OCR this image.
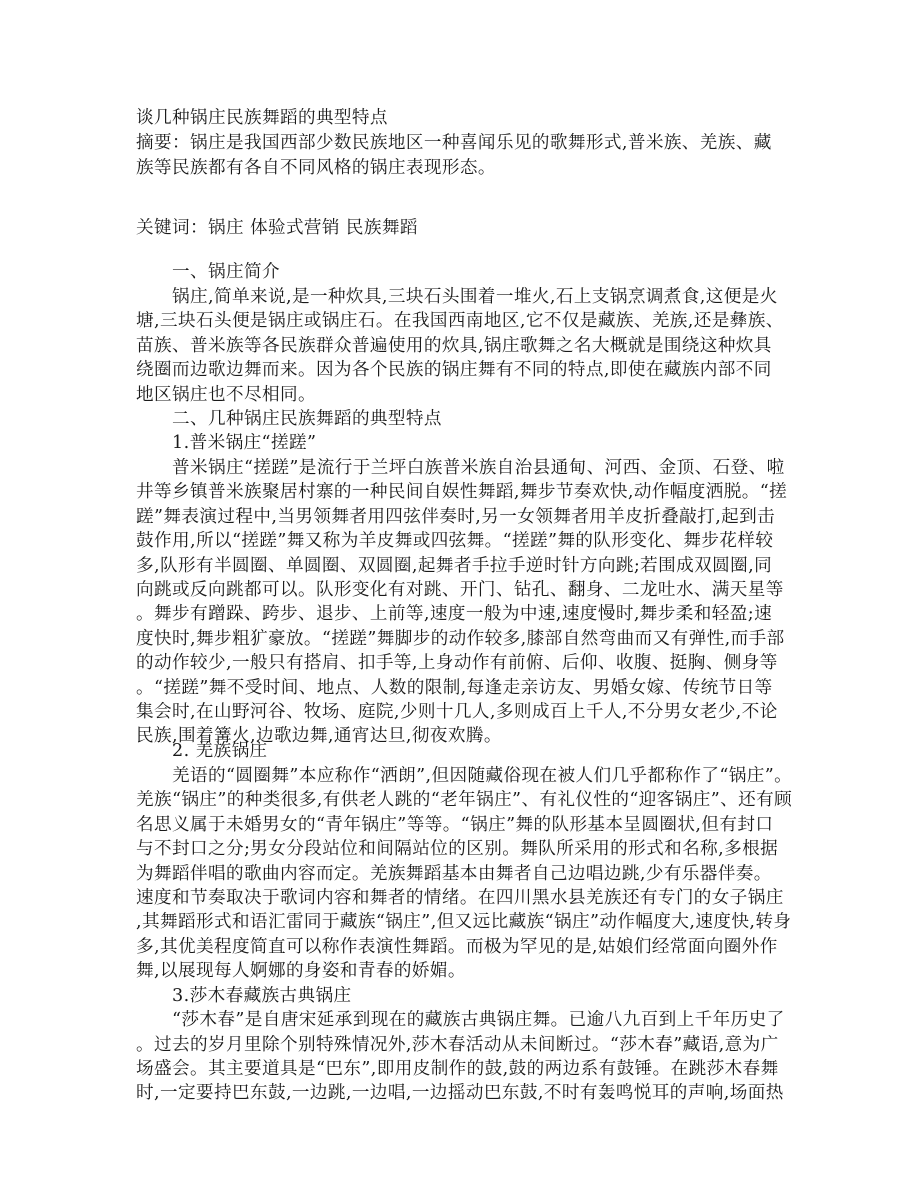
谈几种锅庄民族舞蹈的典型特点
摘要：锅庄是我国西部少数民族地区一种喜闻乐见的歌舞形式,普米族、羌族、藏
族等民族都有各自不同风格的锅庄表现形态。
关键词：锅庄 体验式营销 民族舞蹈
一、锅庄简介
锅庄,简单来说,是一种炊具,三块石头围着一堆火,石上支锅烹调煮食,这便是火
塘,三块石头便是锅庄或锅庄石。在我国西南地区,它不仅是藏族、羌族,还是彝族、
苗族、普米族等各民族群众普遍使用的炊具,锅庄歌舞之名大概就是围绕这种炊具
绕圈而边歌边舞而来。因为各个民族的锅庄舞有不同的特点,即使在藏族内部不同
地区锅庄也不尽相同。
二、几种锅庄民族舞蹈的典型特点
1.普米锅庄“搓蹉”
普米锅庄“搓蹉”是流行于兰坪白族普米族自治县通甸、河西、金顶、石登、啦
井等乡镇普米族聚居村寨的一种民间自娱性舞蹈,舞步节奏欢快,动作幅度洒脱。“搓
蹉”舞表演过程中,当男领舞者用四弦伴奏时,另一女领舞者用羊皮折叠敲打,起到击
鼓作用,所以“搓蹉”舞又称为羊皮舞或四弦舞。“搓蹉”舞的队形变化、舞步花样较
多,队形有半圆圈、单圆圈、双圆圈,起舞者手拉手逆时针方向跳;若围成双圆圈,同
向跳或反向跳都可以。队形变化有对跳、开门、钻孔、翻身、二龙吐水、满天星等
。舞步有蹭跺、跨步、退步、上前等,速度一般为中速,速度慢时,舞步柔和轻盈;速
度快时,舞步粗犷豪放。“搓蹉”舞脚步的动作较多,膝部自然弯曲而又有弹性,而手部
的动作较少,一般只有搭肩、扣手等,上身动作有前俯、后仰、收腹、挺胸、侧身等
。“搓蹉”舞不受时间、地点、人数的限制,每逢走亲访友、男婚女嫁、传统节日等
集会时,在山野河谷、牧场、庭院,少则十几人,多则成百上千人,不分男女老少,不论
民族,围着篝火,边歌边舞,通宵达旦,彻夜欢腾。
2. 羌族锅庄
羌语的“圆圈舞”本应称作“洒朗”,但因随藏俗现在被人们几乎都称作了“锅庄”。
羌族“锅庄”的种类很多,有供老人跳的“老年锅庄”、有礼仪性的“迎客锅庄”、还有顾
名思义属于未婚男女的“青年锅庄”等等。“锅庄”舞的队形基本呈圆圈状,但有封口
与不封口之分;男女分段站位和间隔站位的区别。舞队所采用的形式和名称,多根据
为舞蹈伴唱的歌曲内容而定。羌族舞蹈基本由舞者自己边唱边跳,少有乐器伴奏。
速度和节奏取决于歌词内容和舞者的情绪。在四川黑水县羌族还有专门的女子锅庄
,其舞蹈形式和语汇雷同于藏族“锅庄”,但又远比藏族“锅庄”动作幅度大,速度快,转身
多,其优美程度简直可以称作表演性舞蹈。而极为罕见的是,姑娘们经常面向圈外作
舞,以展现每人婀娜的身姿和青春的娇媚。
3.莎木春藏族古典锅庄
“莎木春”是自唐宋延承到现在的藏族古典锅庄舞。已逾八九百到上千年历史了
。过去的岁月里除个别特殊情况外,莎木春活动从未间断过。“莎木春”藏语,意为广
场盛会。其主要道具是“巴东”,即用皮制作的鼓,鼓的两边系有鼓锤。在跳莎木春舞
时,一定要持巴东鼓,一边跳,一边唱,一边摇动巴东鼓,不时有轰鸣悦耳的声响,场面热
